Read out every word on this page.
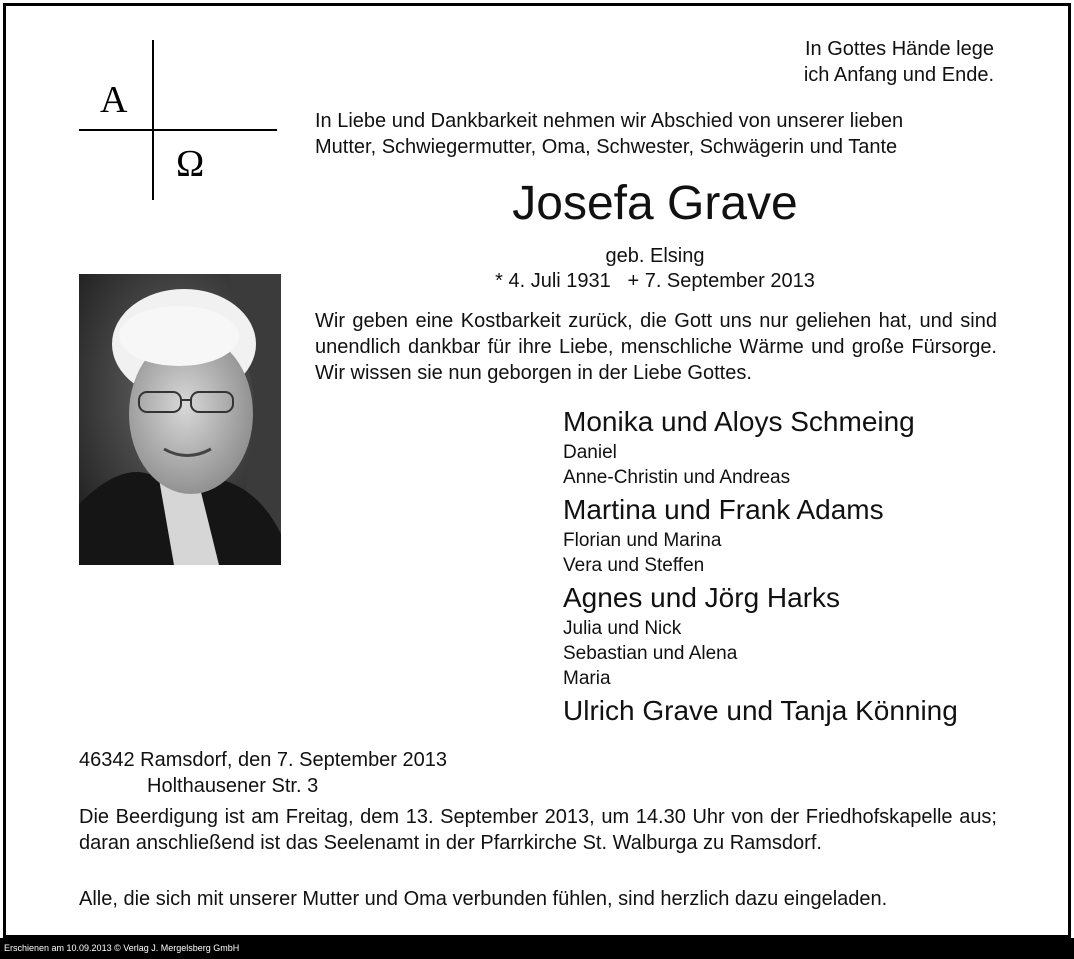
A
Ω
In Gottes Hände lege
ich Anfang und Ende.
In Liebe und Dankbarkeit nehmen wir Abschied von unserer lieben
Mutter, Schwiegermutter, Oma, Schwester, Schwägerin und Tante
Josefa Grave
geb. Elsing
* 4. Juli 1931   + 7. September 2013
Wir geben eine Kostbarkeit zurück, die Gott uns nur geliehen hat, und sind unendlich dankbar für ihre Liebe, menschliche Wärme und große Fürsorge. Wir wissen sie nun geborgen in der Liebe Gottes.
Monika und Aloys Schmeing
Daniel
Anne-Christin und Andreas
Martina und Frank Adams
Florian und Marina
Vera und Steffen
Agnes und Jörg Harks
Julia und Nick
Sebastian und Alena
Maria
Ulrich Grave und Tanja Könning
46342 Ramsdorf, den 7. September 2013
Holthausener Str. 3
Die Beerdigung ist am Freitag, dem 13. September 2013, um 14.30 Uhr von der Friedhofskapelle aus; daran anschließend ist das Seelenamt in der Pfarrkirche St. Walburga zu Ramsdorf.
Alle, die sich mit unserer Mutter und Oma verbunden fühlen, sind herzlich dazu eingeladen.
Erschienen am 10.09.2013 © Verlag J. Mergelsberg GmbH
